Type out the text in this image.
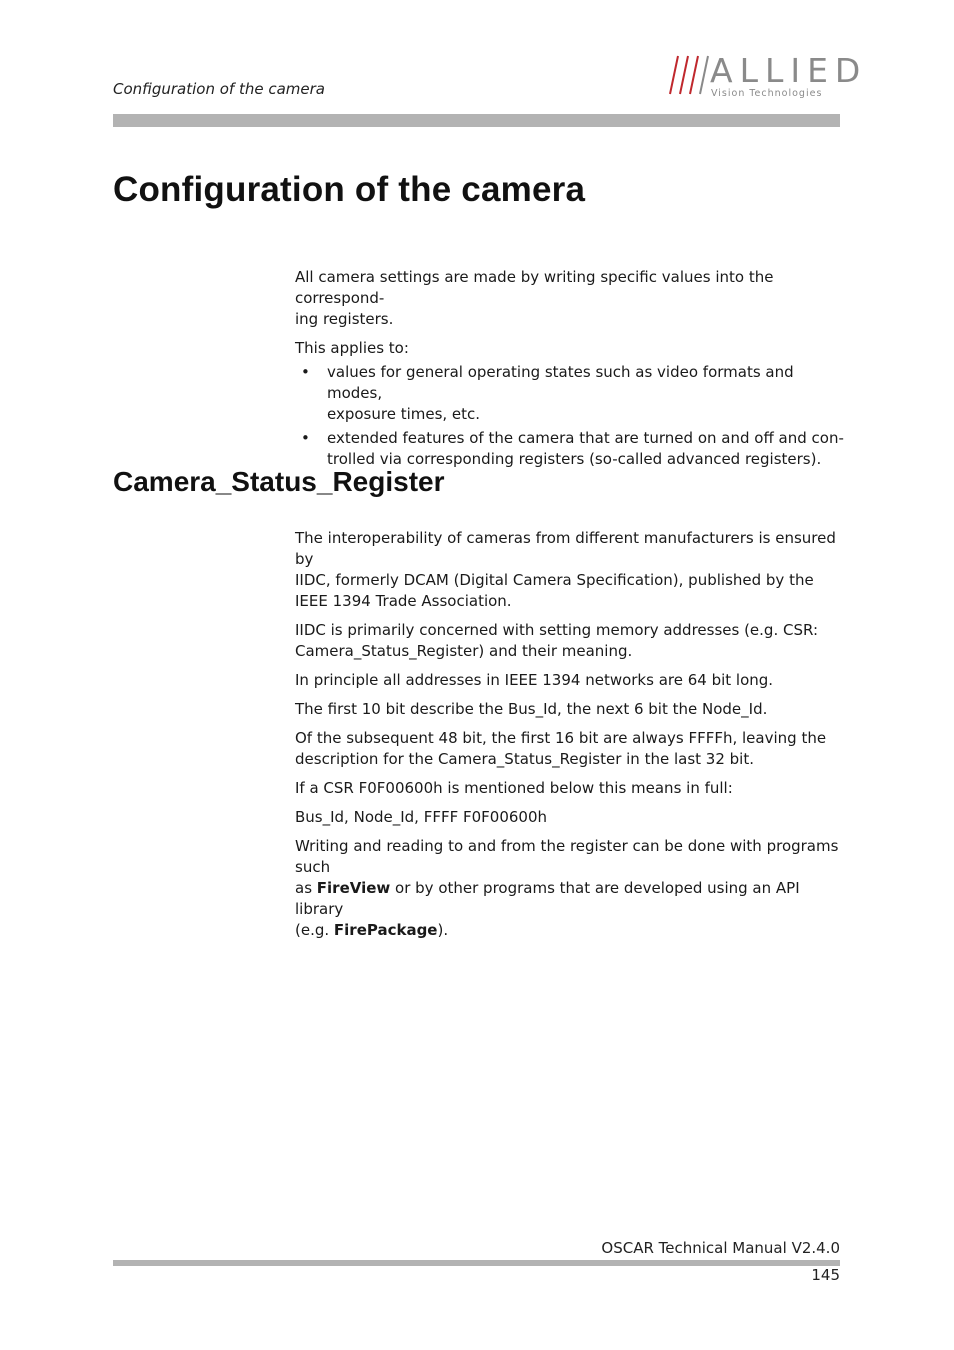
Configuration of the camera	ALLIED
Vision Technologies
Configuration of the camera

All camera settings are made by writing specific values into the correspond-
ing registers.

This applies to:

• values for general operating states such as video formats and modes,
exposure times, etc.
• extended features of the camera that are turned on and off and con-
trolled via corresponding registers (so-called advanced registers).
Camera_Status_Register

The interoperability of cameras from different manufacturers is ensured by
IIDC, formerly DCAM (Digital Camera Specification), published by the
IEEE 1394 Trade Association.

IIDC is primarily concerned with setting memory addresses (e.g. CSR:
Camera_Status_Register) and their meaning.

In principle all addresses in IEEE 1394 networks are 64 bit long.

The first 10 bit describe the Bus_Id, the next 6 bit the Node_Id.

Of the subsequent 48 bit, the first 16 bit are always FFFFh, leaving the
description for the Camera_Status_Register in the last 32 bit.

If a CSR F0F00600h is mentioned below this means in full:

Bus_Id, Node_Id, FFFF F0F00600h

Writing and reading to and from the register can be done with programs such
as FireView or by other programs that are developed using an API library
(e.g. FirePackage).

OSCAR Technical Manual V2.4.0
145
